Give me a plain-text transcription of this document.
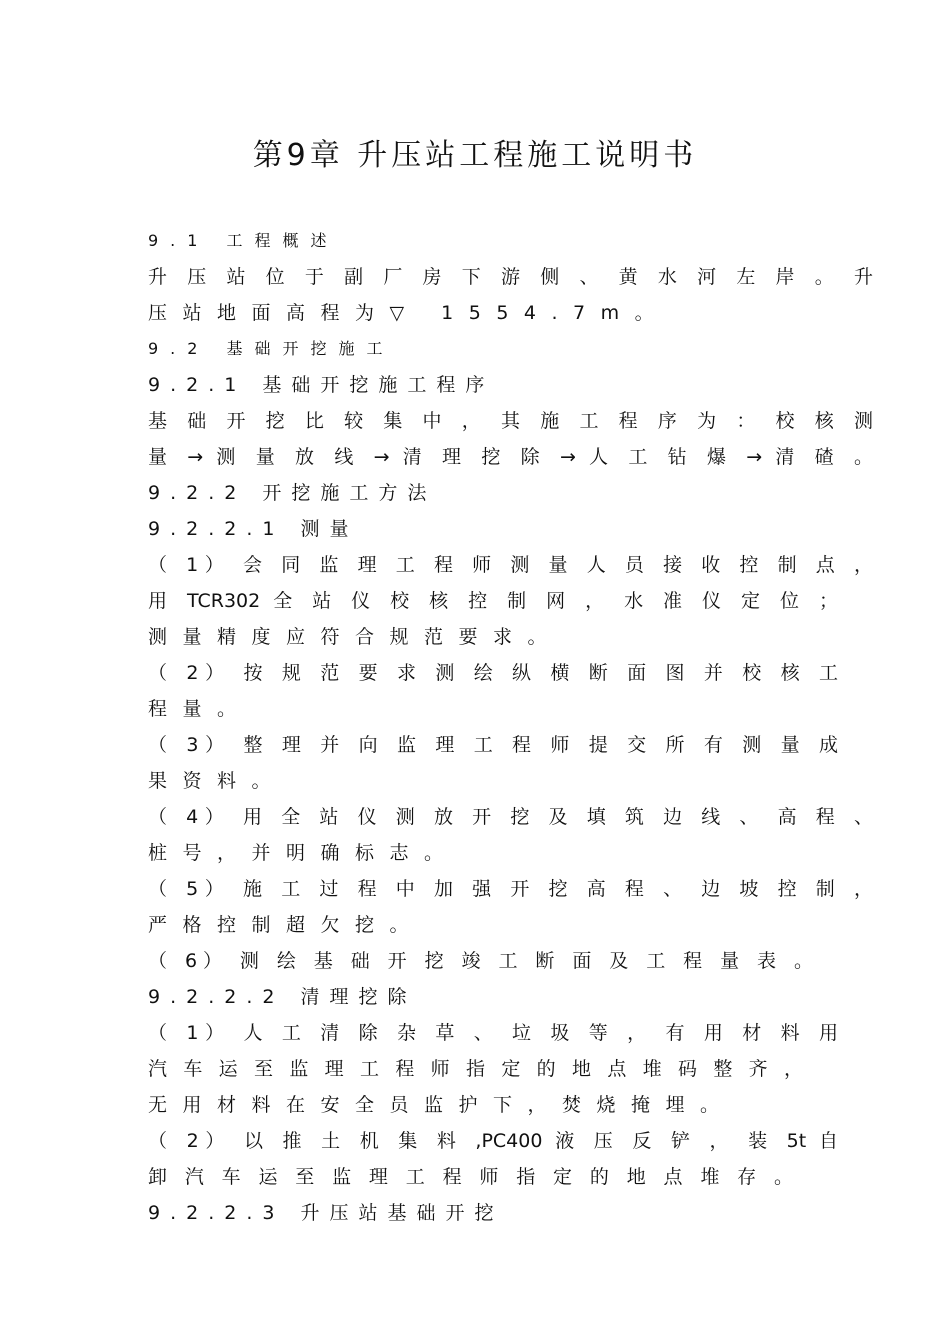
第9章 升压站工程施工说明书
9.1 工程概述
升 压 站 位 于 副 厂 房 下 游 侧 、 黄 水 河 左 岸 。 升
压站地面高程为▽ 1554.7m。
9.2 基础开挖施工
9.2.1 基础开挖施工程序
基 础 开 挖 比 较 集 中 ， 其 施 工 程 序 为 ： 校 核 测
量 → 测 量 放 线 → 清 理 挖 除 → 人 工 钻 爆 → 清 碴 。
9.2.2 开挖施工方法
9.2.2.1 测量
（ 1） 会 同 监 理 工 程 师 测 量 人 员 接 收 控 制 点 ，
用 TCR302 全 站 仪 校 核 控 制 网 ， 水 准 仪 定 位 ；
测量精度应符合规范要求。
（ 2） 按 规 范 要 求 测 绘 纵 横 断 面 图 并 校 核 工
程量。
（ 3） 整 理 并 向 监 理 工 程 师 提 交 所 有 测 量 成
果资料。
（ 4） 用 全 站 仪 测 放 开 挖 及 填 筑 边 线 、 高 程 、
桩号，并明确标志。
（ 5） 施 工 过 程 中 加 强 开 挖 高 程 、 边 坡 控 制 ，
严格控制超欠挖。
（ 6） 测 绘 基 础 开 挖 竣 工 断 面 及 工 程 量 表 。
9.2.2.2 清理挖除
（ 1） 人 工 清 除 杂 草 、 垃 圾 等 ， 有 用 材 料 用
汽 车 运 至 监 理 工 程 师 指 定 的 地 点 堆 码 整 齐 ，
无用材料在安全员监护下，焚烧掩埋。
（ 2） 以 推 土 机 集 料 ,PC400 液 压 反 铲 ， 装 5t 自
卸 汽 车 运 至 监 理 工 程 师 指 定 的 地 点 堆 存 。
9.2.2.3 升压站基础开挖
